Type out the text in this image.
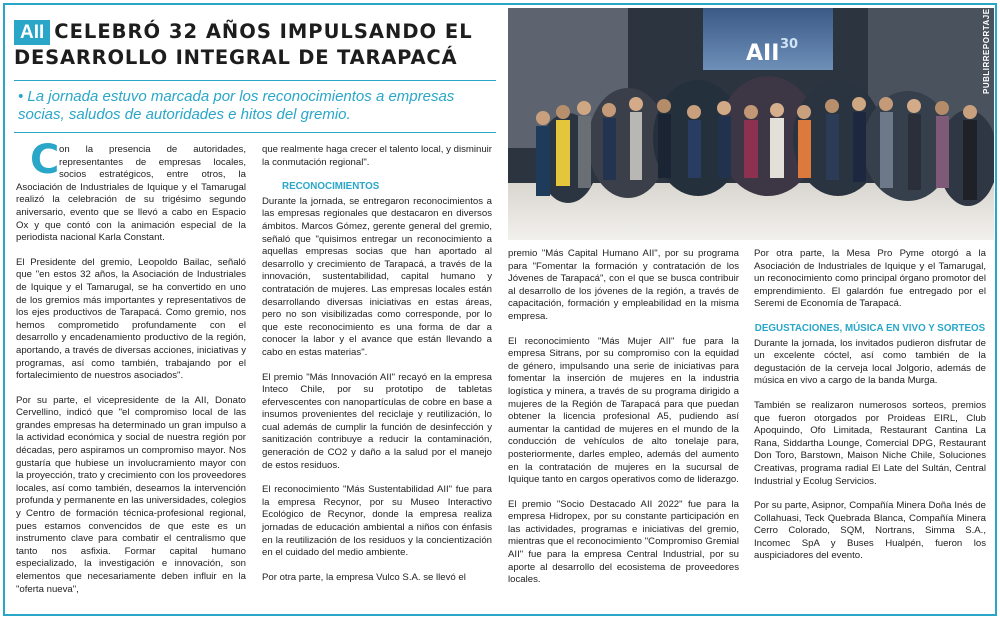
AII CELEBRÓ 32 AÑOS IMPULSANDO EL
DESARROLLO INTEGRAL DE TARAPACÁ
• La jornada estuvo marcada por los reconocimientos a empresas socias, saludos de autoridades e hitos del gremio.
AII 30	PUBLIRREPORTAJE

C on la presencia de autoridades, representantes de empresas locales, socios estratégicos, entre otros, la Asociación de Industriales de Iquique y el Tamarugal realizó la celebración de su trigésimo segundo aniversario, evento que se llevó a cabo en Espacio Ox y que contó con la animación especial de la periodista nacional Karla Constant.

El Presidente del gremio, Leopoldo Bailac, señaló que "en estos 32 años, la Asociación de Industriales de Iquique y el Tamarugal, se ha convertido en uno de los gremios más importantes y representativos de los ejes productivos de Tarapacá. Como gremio, nos hemos comprometido profundamente con el desarrollo y encadenamiento productivo de la región, aportando, a través de diversas acciones, iniciativas y programas, así como también, trabajando por el fortalecimiento de nuestros asociados".

Por su parte, el vicepresidente de la AII, Donato Cervellino, indicó que "el compromiso local de las grandes empresas ha determinado un gran impulso a la actividad económica y social de nuestra región por décadas, pero aspiramos un compromiso mayor. Nos gustaría que hubiese un involucramiento mayor con la proyección, trato y crecimiento con los proveedores locales, así como también, deseamos la intervención profunda y permanente en las universidades, colegios y Centro de formación técnica-profesional regional, pues estamos convencidos de que este es un instrumento clave para combatir el centralismo que tanto nos asfixia. Formar capital humano especializado, la investigación e innovación, son elementos que necesariamente deben influir en la "oferta nueva",

que realmente haga crecer el talento local, y disminuir la conmutación regional".

RECONOCIMIENTOS

Durante la jornada, se entregaron reconocimientos a las empresas regionales que destacaron en diversos ámbitos. Marcos Gómez, gerente general del gremio, señaló que "quisimos entregar un reconocimiento a aquellas empresas socias que han aportado al desarrollo y crecimiento de Tarapacá, a través de la innovación, sustentabilidad, capital humano y contratación de mujeres. Las empresas locales están desarrollando diversas iniciativas en estas áreas, pero no son visibilizadas como corresponde, por lo que este reconocimiento es una forma de dar a conocer la labor y el avance que están llevando a cabo en estas materias".

El premio "Más Innovación AII" recayó en la empresa Inteco Chile, por su prototipo de tabletas efervescentes con nanopartículas de cobre en base a insumos provenientes del reciclaje y reutilización, lo cual además de cumplir la función de desinfección y sanitización contribuye a reducir la contaminación, generación de CO2 y daño a la salud por el manejo de estos residuos.

El reconocimiento "Más Sustentabilidad AII" fue para la empresa Recynor, por su Museo Interactivo Ecológico de Recynor, donde la empresa realiza jornadas de educación ambiental a niños con énfasis en la reutilización de los residuos y la concientización en el cuidado del medio ambiente.

Por otra parte, la empresa Vulco S.A. se llevó el

premio "Más Capital Humano AII", por su programa para "Fomentar la formación y contratación de los Jóvenes de Tarapacá", con el que se busca contribuir al desarrollo de los jóvenes de la región, a través de capacitación, formación y empleabilidad en la misma empresa.

El reconocimiento "Más Mujer AII" fue para la empresa Sitrans, por su compromiso con la equidad de género, impulsando una serie de iniciativas para fomentar la inserción de mujeres en la industria logística y minera, a través de su programa dirigido a mujeres de la Región de Tarapacá para que puedan obtener la licencia profesional A5, pudiendo así aumentar la cantidad de mujeres en el mundo de la conducción de vehículos de alto tonelaje para, posteriormente, darles empleo, además del aumento en la contratación de mujeres en la sucursal de Iquique tanto en cargos operativos como de liderazgo.

El premio "Socio Destacado AII 2022" fue para la empresa Hidropex, por su constante participación en las actividades, programas e iniciativas del gremio, mientras que el reconocimiento "Compromiso Gremial AII" fue para la empresa Central Industrial, por su aporte al desarrollo del ecosistema de proveedores locales.

Por otra parte, la Mesa Pro Pyme otorgó a la Asociación de Industriales de Iquique y el Tamarugal, un reconocimiento como principal órgano promotor del emprendimiento. El galardón fue entregado por el Seremi de Economía de Tarapacá.

DEGUSTACIONES, MÚSICA EN VIVO Y SORTEOS

Durante la jornada, los invitados pudieron disfrutar de un excelente cóctel, así como también de la degustación de la cerveja local Jolgorio, además de música en vivo a cargo de la banda Murga.

También se realizaron numerosos sorteos, premios que fueron otorgados por Proideas EIRL, Club Apoquindo, Ofo Limitada, Restaurant Cantina La Rana, Siddartha Lounge, Comercial DPG, Restaurant Don Toro, Barstown, Maison Niche Chile, Soluciones Creativas, programa radial El Late del Sultán, Central Industrial y Ecolug Servicios.

Por su parte, Asipnor, Compañía Minera Doña Inés de Collahuasi, Teck Quebrada Blanca, Compañía Minera Cerro Colorado, SQM, Nortrans, Simma S.A., Incomec SpA y Buses Hualpén, fueron los auspiciadores del evento.
